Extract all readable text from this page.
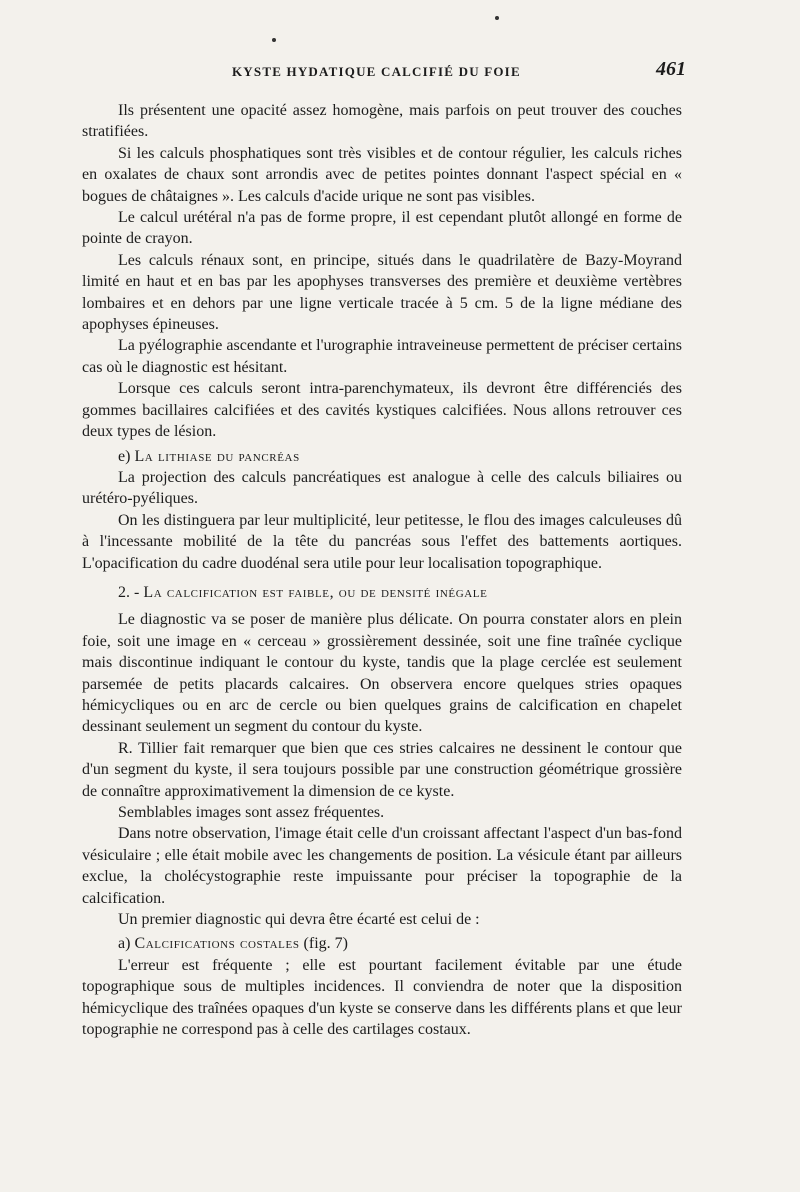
KYSTE HYDATIQUE CALCIFIÉ DU FOIE	461

Ils présentent une opacité assez homogène, mais parfois on peut trouver des couches stratifiées.

Si les calculs phosphatiques sont très visibles et de contour régulier, les calculs riches en oxalates de chaux sont arrondis avec de petites pointes donnant l'aspect spécial en « bogues de châtaignes ». Les calculs d'acide urique ne sont pas visibles.

Le calcul urétéral n'a pas de forme propre, il est cependant plutôt allongé en forme de pointe de crayon.

Les calculs rénaux sont, en principe, situés dans le quadrilatère de Bazy-Moyrand limité en haut et en bas par les apophyses transverses des première et deuxième vertèbres lombaires et en dehors par une ligne verticale tracée à 5 cm. 5 de la ligne médiane des apophyses épineuses.

La pyélographie ascendante et l'urographie intraveineuse permettent de préciser certains cas où le diagnostic est hésitant.

Lorsque ces calculs seront intra-parenchymateux, ils devront être différenciés des gommes bacillaires calcifiées et des cavités kystiques calcifiées. Nous allons retrouver ces deux types de lésion.

e) La lithiase du pancréas

La projection des calculs pancréatiques est analogue à celle des calculs biliaires ou urétéro-pyéliques.

On les distinguera par leur multiplicité, leur petitesse, le flou des images calculeuses dû à l'incessante mobilité de la tête du pancréas sous l'effet des battements aortiques. L'opacification du cadre duodénal sera utile pour leur localisation topographique.

2. - La calcification est faible, ou de densité inégale

Le diagnostic va se poser de manière plus délicate. On pourra constater alors en plein foie, soit une image en « cerceau » grossièrement dessinée, soit une fine traînée cyclique mais discontinue indiquant le contour du kyste, tandis que la plage cerclée est seulement parsemée de petits placards calcaires. On observera encore quelques stries opaques hémicycliques ou en arc de cercle ou bien quelques grains de calcification en chapelet dessinant seulement un segment du contour du kyste.

R. Tillier fait remarquer que bien que ces stries calcaires ne dessinent le contour que d'un segment du kyste, il sera toujours possible par une construction géométrique grossière de connaître approximativement la dimension de ce kyste.

Semblables images sont assez fréquentes.

Dans notre observation, l'image était celle d'un croissant affectant l'aspect d'un bas-fond vésiculaire ; elle était mobile avec les changements de position. La vésicule étant par ailleurs exclue, la cholécystographie reste impuissante pour préciser la topographie de la calcification.

Un premier diagnostic qui devra être écarté est celui de :

a) Calcifications costales (fig. 7)

L'erreur est fréquente ; elle est pourtant facilement évitable par une étude topographique sous de multiples incidences. Il conviendra de noter que la disposition hémicyclique des traînées opaques d'un kyste se conserve dans les différents plans et que leur topographie ne correspond pas à celle des cartilages costaux.
